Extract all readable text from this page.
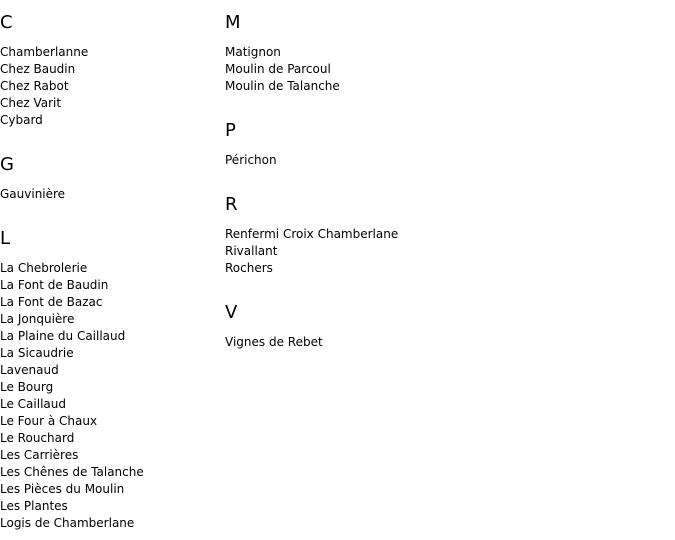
C
Chamberlanne
Chez Baudin
Chez Rabot
Chez Varit
Cybard
G
Gauvinière
L
La Chebrolerie
La Font de Baudin
La Font de Bazac
La Jonquière
La Plaine du Caillaud
La Sicaudrie
Lavenaud
Le Bourg
Le Caillaud
Le Four à Chaux
Le Rouchard
Les Carrières
Les Chênes de Talanche
Les Pièces du Moulin
Les Plantes
Logis de Chamberlane
M
Matignon
Moulin de Parcoul
Moulin de Talanche
P
Périchon
R
Renfermi Croix Chamberlane
Rivallant
Rochers
V
Vignes de Rebet
